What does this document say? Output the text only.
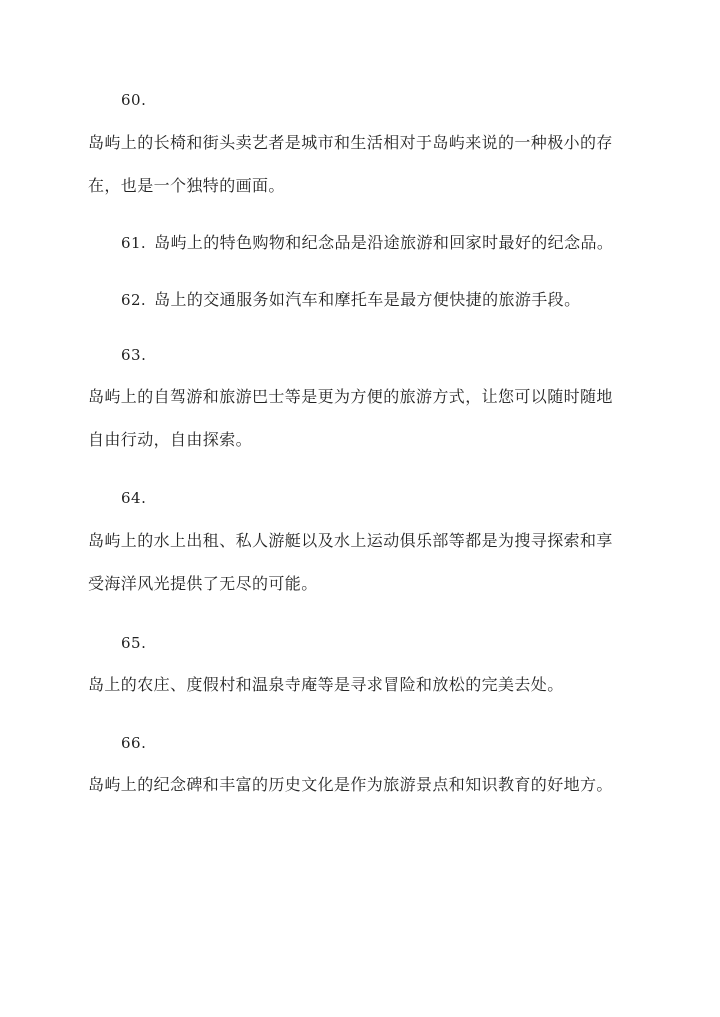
60.
岛屿上的长椅和街头卖艺者是城市和生活相对于岛屿来说的一种极小的存
在，也是一个独特的画面。
61. 岛屿上的特色购物和纪念品是沿途旅游和回家时最好的纪念品。
62. 岛上的交通服务如汽车和摩托车是最方便快捷的旅游手段。
63.
岛屿上的自驾游和旅游巴士等是更为方便的旅游方式，让您可以随时随地
自由行动，自由探索。
64.
岛屿上的水上出租、私人游艇以及水上运动俱乐部等都是为搜寻探索和享
受海洋风光提供了无尽的可能。
65.
岛上的农庄、度假村和温泉寺庵等是寻求冒险和放松的完美去处。
66.
岛屿上的纪念碑和丰富的历史文化是作为旅游景点和知识教育的好地方。
